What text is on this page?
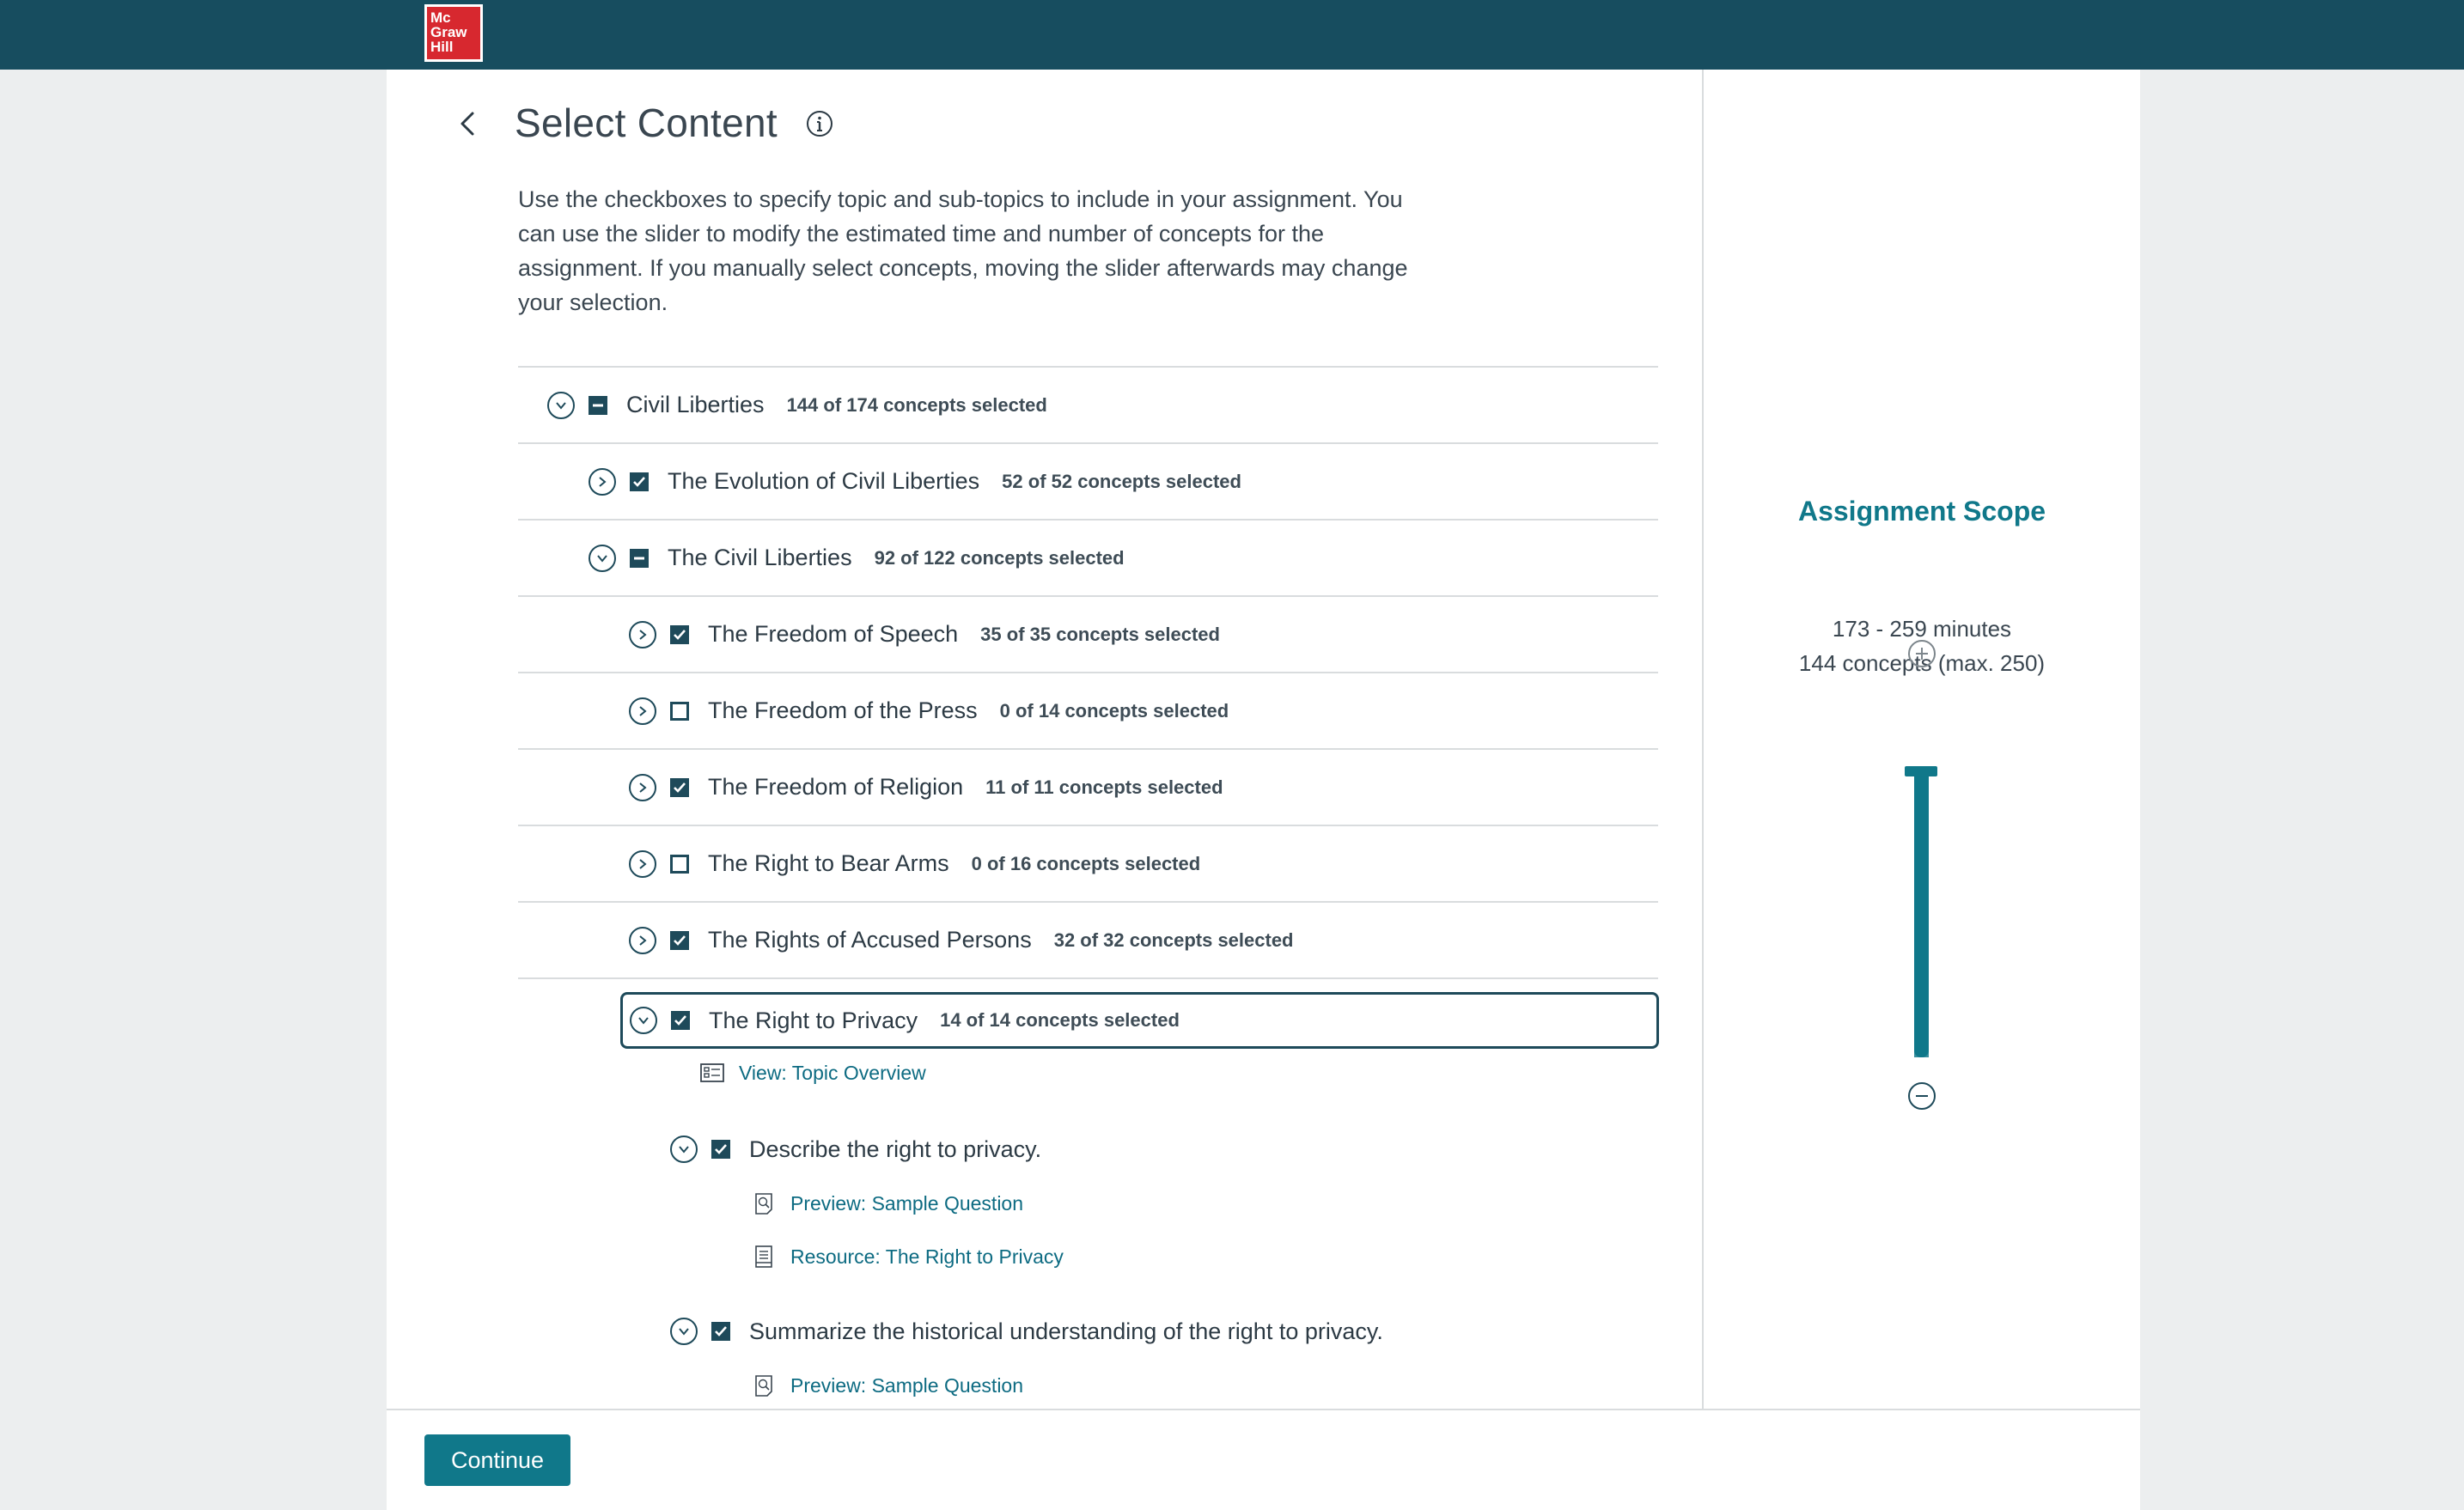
Mc
Graw
Hill
Assignment Scope
173 - 259 minutes
144 concepts (max. 250)
Select Content

Use the checkboxes to specify topic and sub-topics to include in your assignment. You can use the slider to modify the estimated time and number of concepts for the assignment. If you manually select concepts, moving the slider afterwards may change your selection.

Civil Liberties 144 of 174 concepts selected
The Evolution of Civil Liberties 52 of 52 concepts selected
The Civil Liberties 92 of 122 concepts selected
The Freedom of Speech 35 of 35 concepts selected
The Freedom of the Press 0 of 14 concepts selected
The Freedom of Religion 11 of 11 concepts selected
The Right to Bear Arms 0 of 16 concepts selected
The Rights of Accused Persons 32 of 32 concepts selected
The Right to Privacy 14 of 14 concepts selected
View: Topic Overview
Describe the right to privacy.
Preview: Sample Question
Resource: The Right to Privacy
Summarize the historical understanding of the right to privacy.
Preview: Sample Question
Continue
